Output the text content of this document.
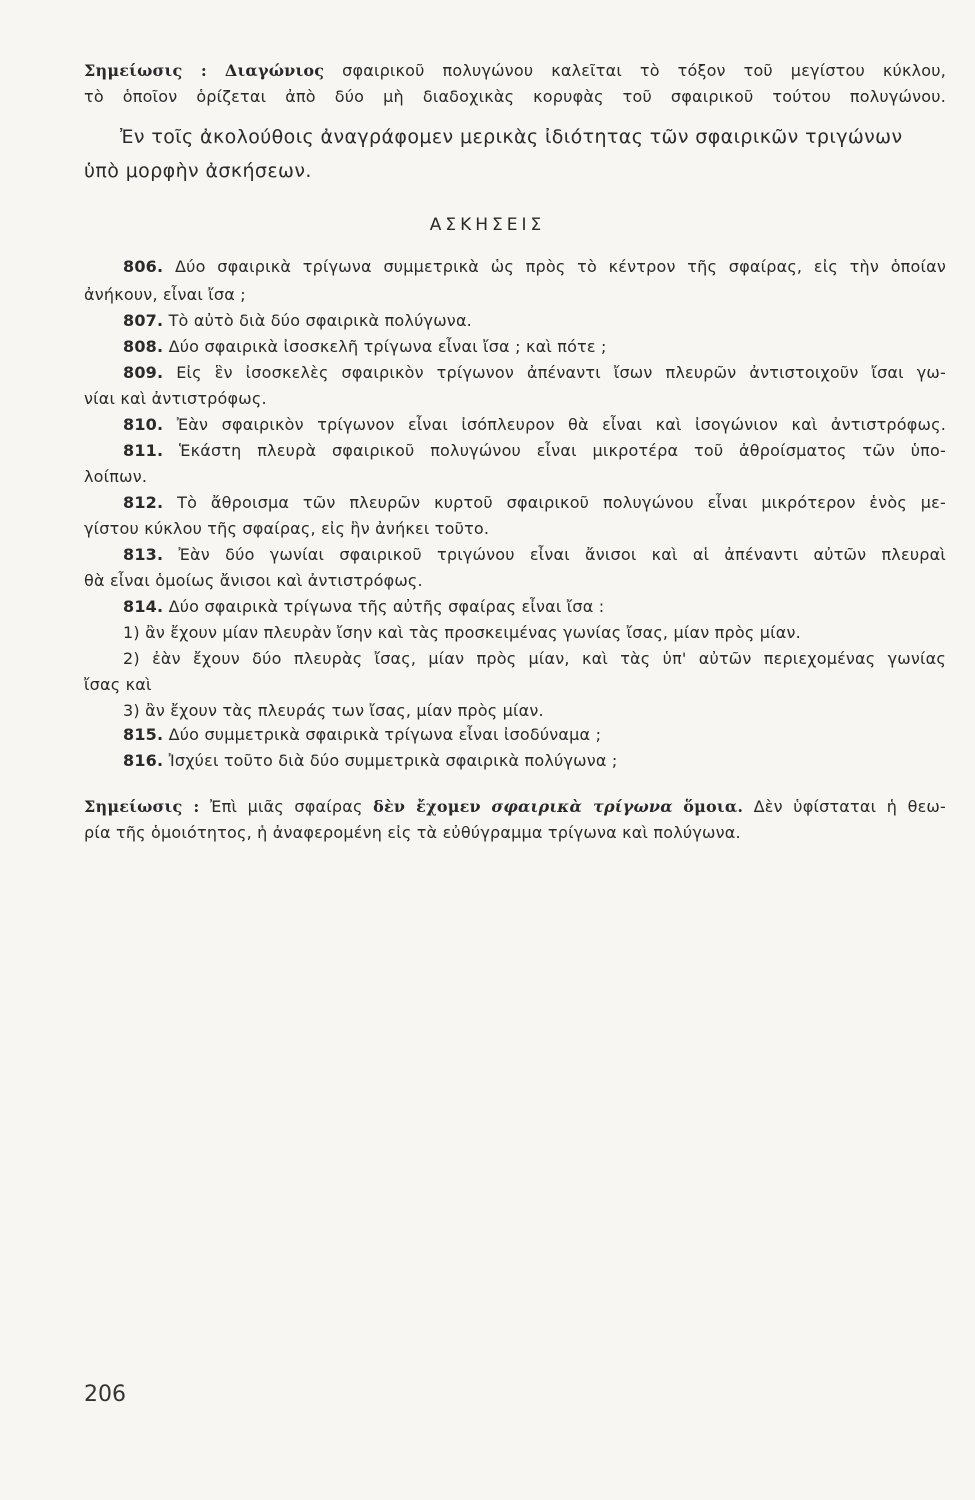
Σημείωσις : Διαγώνιος σφαιρικοῦ πολυγώνου καλεῖται τὸ τόξον τοῦ μεγίστου κύκλου,
τὸ ὁποῖον ὁρίζεται ἀπὸ δύο μὴ διαδοχικὰς κορυφὰς τοῦ σφαιρικοῦ τούτου πολυγώνου.
Ἐν τοῖς ἀκολούθοις ἀναγράφομεν μερικὰς ἰδιότητας τῶν σφαιρικῶν τριγώνων
ὑπὸ μορφὴν ἀσκήσεων.
ΑΣΚΗΣΕΙΣ
806. Δύο σφαιρικὰ τρίγωνα συμμετρικὰ ὡς πρὸς τὸ κέντρον τῆς σφαίρας, εἰς τὴν ὁποίαν
ἀνήκουν, εἶναι ἴσα ;
807. Τὸ αὐτὸ διὰ δύο σφαιρικὰ πολύγωνα.
808. Δύο σφαιρικὰ ἰσοσκελῆ τρίγωνα εἶναι ἴσα ; καὶ πότε ;
809. Εἰς ἓν ἰσοσκελὲς σφαιρικὸν τρίγωνον ἀπέναντι ἴσων πλευρῶν ἀντιστοιχοῦν ἴσαι γω-
νίαι καὶ ἀντιστρόφως.
810. Ἐὰν σφαιρικὸν τρίγωνον εἶναι ἰσόπλευρον θὰ εἶναι καὶ ἰσογώνιον καὶ ἀντιστρόφως.
811. Ἑκάστη πλευρὰ σφαιρικοῦ πολυγώνου εἶναι μικροτέρα τοῦ ἀθροίσματος τῶν ὑπο-
λοίπων.
812. Τὸ ἄθροισμα τῶν πλευρῶν κυρτοῦ σφαιρικοῦ πολυγώνου εἶναι μικρότερον ἑνὸς με-
γίστου κύκλου τῆς σφαίρας, εἰς ἣν ἀνήκει τοῦτο.
813. Ἐὰν δύο γωνίαι σφαιρικοῦ τριγώνου εἶναι ἄνισοι καὶ αἱ ἀπέναντι αὐτῶν πλευραὶ
θὰ εἶναι ὁμοίως ἄνισοι καὶ ἀντιστρόφως.
814. Δύο σφαιρικὰ τρίγωνα τῆς αὐτῆς σφαίρας εἶναι ἴσα :
1) ἂν ἔχουν μίαν πλευρὰν ἴσην καὶ τὰς προσκειμένας γωνίας ἴσας, μίαν πρὸς μίαν.
2) ἐὰν ἔχουν δύο πλευρὰς ἴσας, μίαν πρὸς μίαν, καὶ τὰς ὑπ' αὐτῶν περιεχομένας γωνίας
ἴσας καὶ
3) ἂν ἔχουν τὰς πλευράς των ἴσας, μίαν πρὸς μίαν.
815. Δύο συμμετρικὰ σφαιρικὰ τρίγωνα εἶναι ἰσοδύναμα ;
816. Ἰσχύει τοῦτο διὰ δύο συμμετρικὰ σφαιρικὰ πολύγωνα ;
Σημείωσις : Ἐπὶ μιᾶς σφαίρας δὲν ἔχομεν σφαιρικὰ τρίγωνα ὅμοια. Δὲν ὑφίσταται ἡ θεω-
ρία τῆς ὁμοιότητος, ἡ ἀναφερομένη εἰς τὰ εὐθύγραμμα τρίγωνα καὶ πολύγωνα.
206
